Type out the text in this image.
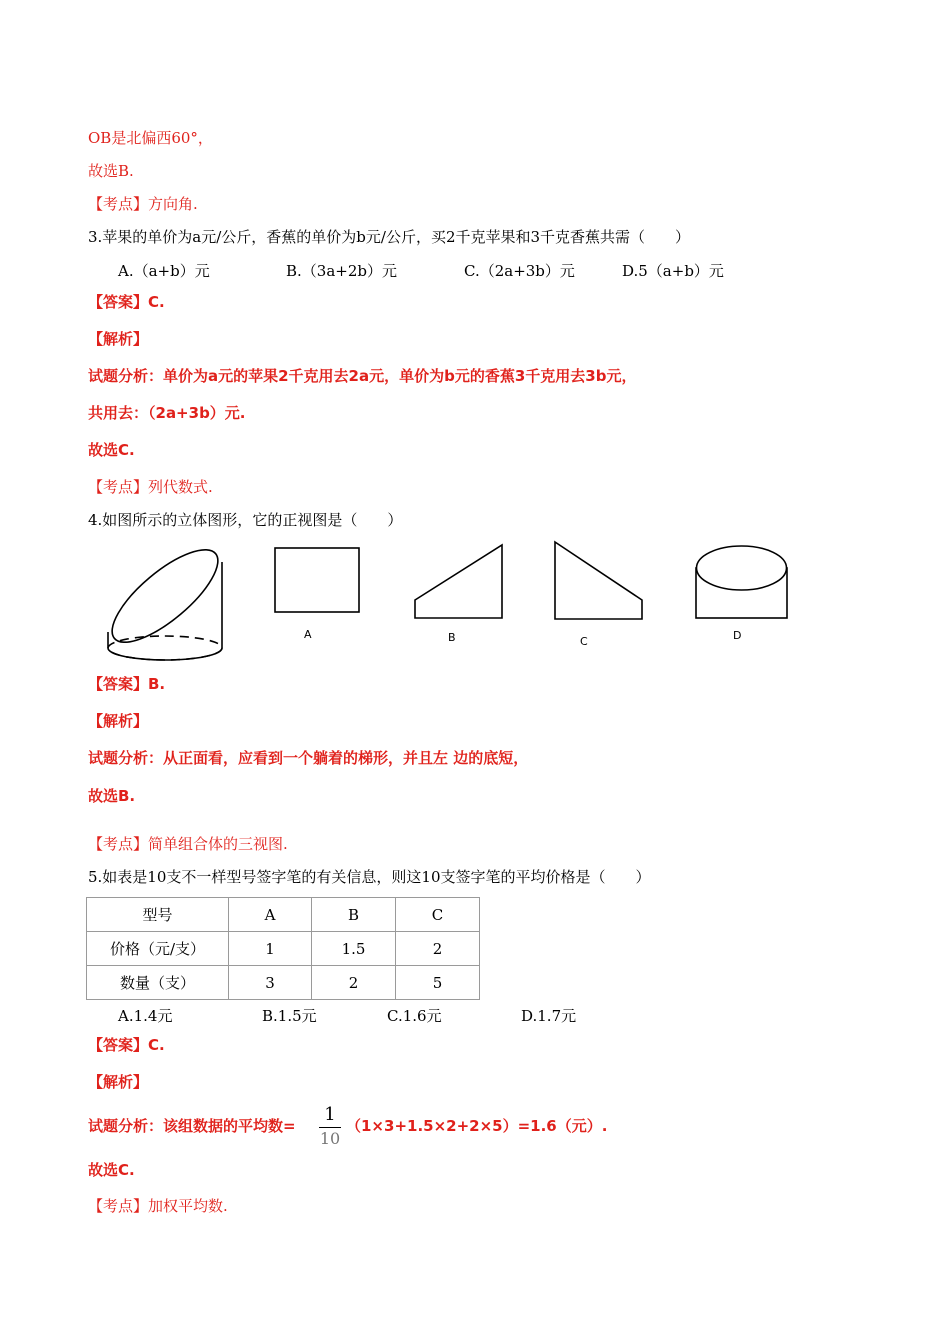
OB是北偏西60°，
故选B.
【考点】方向角.
3.苹果的单价为a元/公斤，香蕉的单价为b元/公斤，买2千克苹果和3千克香蕉共需（　　）
A.（a+b）元	B.（3a+2b）元	C.（2a+3b）元	D.5（a+b）元
【答案】C.
【解析】
试题分析：单价为a元的苹果2千克用去2a元，单价为b元的香蕉3千克用去3b元，
共用去：（2a+3b）元.
故选C.
【考点】列代数式.
4.如图所示的立体图形，它的正视图是（　　）
A	B	C	D
【答案】B.
【解析】
试题分析：从正面看，应看到一个躺着的梯形，并且左 边的底短，
故选B.
【考点】简单组合体的三视图.
5.如表是10支不一样型号签字笔的有关信息，则这10支签字笔的平均价格是（　　）
型号	A	B	C
价格（元/支）	1	1.5	2
数量（支）	3	2	5
A.1.4元	B.1.5元	C.1.6元	D.1.7元
【答案】C.
【解析】
试题分析：该组数据的平均数=
1
10
（1×3+1.5×2+2×5）=1.6（元）.
故选C.
【考点】加权平均数.
